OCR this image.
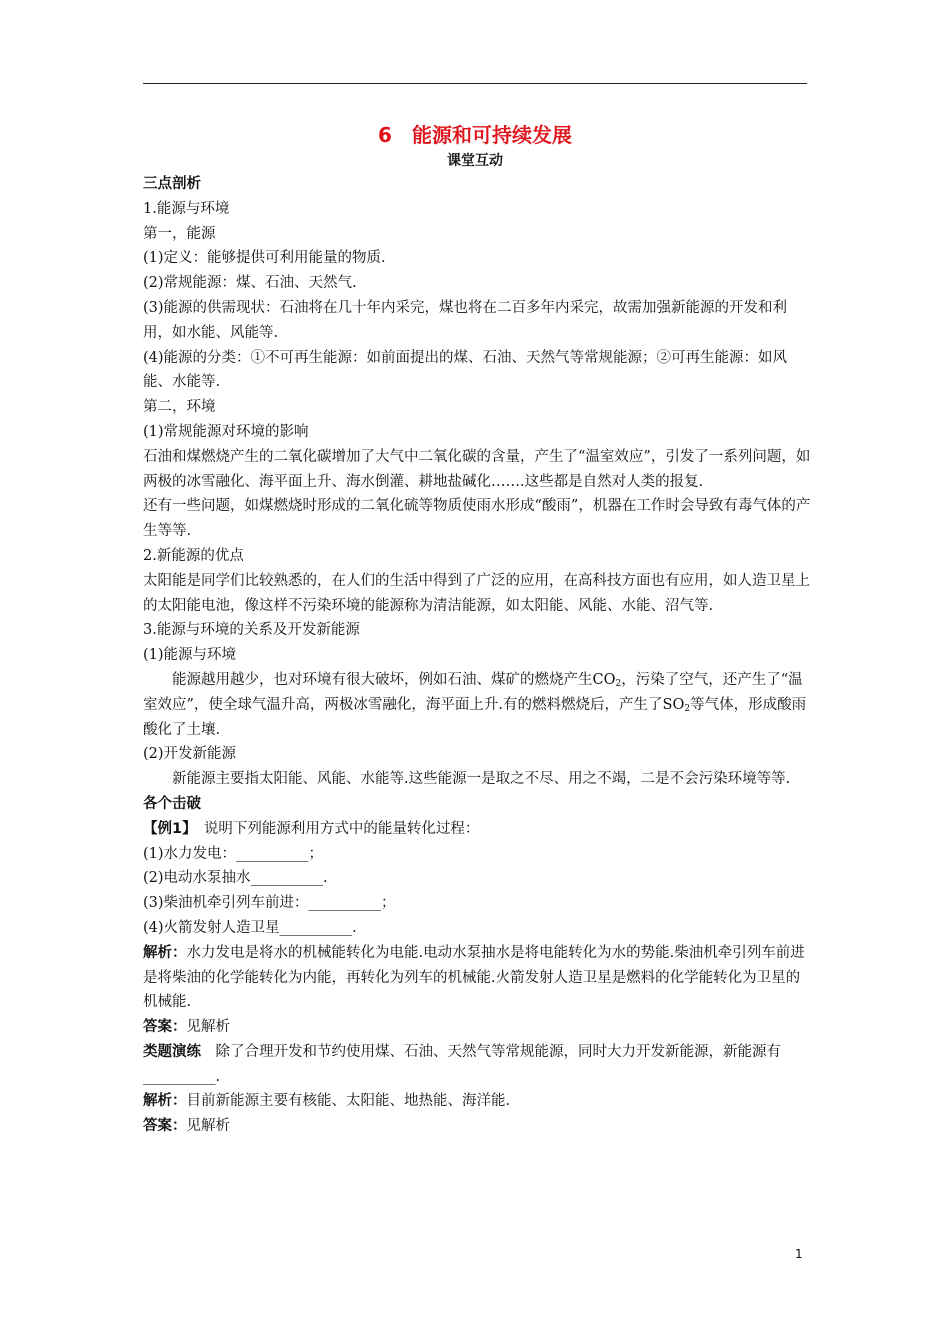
6　能源和可持续发展
课堂互动

三点剖析

1.能源与环境

第一，能源

(1)定义：能够提供可利用能量的物质.

(2)常规能源：煤、石油、天然气.

(3)能源的供需现状：石油将在几十年内采完，煤也将在二百多年内采完，故需加强新能源的开发和利用，如水能、风能等.

(4)能源的分类：①不可再生能源：如前面提出的煤、石油、天然气等常规能源；②可再生能源：如风能、水能等.

第二，环境

(1)常规能源对环境的影响

石油和煤燃烧产生的二氧化碳增加了大气中二氧化碳的含量，产生了“温室效应”，引发了一系列问题，如两极的冰雪融化、海平面上升、海水倒灌、耕地盐碱化…….这些都是自然对人类的报复.

还有一些问题，如煤燃烧时形成的二氧化硫等物质使雨水形成“酸雨”，机器在工作时会导致有毒气体的产生等等.

2.新能源的优点

太阳能是同学们比较熟悉的，在人们的生活中得到了广泛的应用，在高科技方面也有应用，如人造卫星上的太阳能电池，像这样不污染环境的能源称为清洁能源，如太阳能、风能、水能、沼气等.

3.能源与环境的关系及开发新能源

(1)能源与环境

能源越用越少，也对环境有很大破坏，例如石油、煤矿的燃烧产生$CO_2$，污染了空气，还产生了“温室效应”，使全球气温升高，两极冰雪融化，海平面上升.有的燃料燃烧后，产生了$SO_2$等气体，形成酸雨酸化了土壤.

(2)开发新能源

新能源主要指太阳能、风能、水能等.这些能源一是取之不尽、用之不竭，二是不会污染环境等等.

各个击破

【例1】　说明下列能源利用方式中的能量转化过程：

(1)水力发电：__________；

(2)电动水泵抽水__________.

(3)柴油机牵引列车前进：__________；

(4)火箭发射人造卫星__________.

解析：水力发电是将水的机械能转化为电能.电动水泵抽水是将电能转化为水的势能.柴油机牵引列车前进是将柴油的化学能转化为内能，再转化为列车的机械能.火箭发射人造卫星是燃料的化学能转化为卫星的机械能.

答案：见解析

类题演练　除了合理开发和节约使用煤、石油、天然气等常规能源，同时大力开发新能源，新能源有__________.

解析：目前新能源主要有核能、太阳能、地热能、海洋能.

答案：见解析

1
